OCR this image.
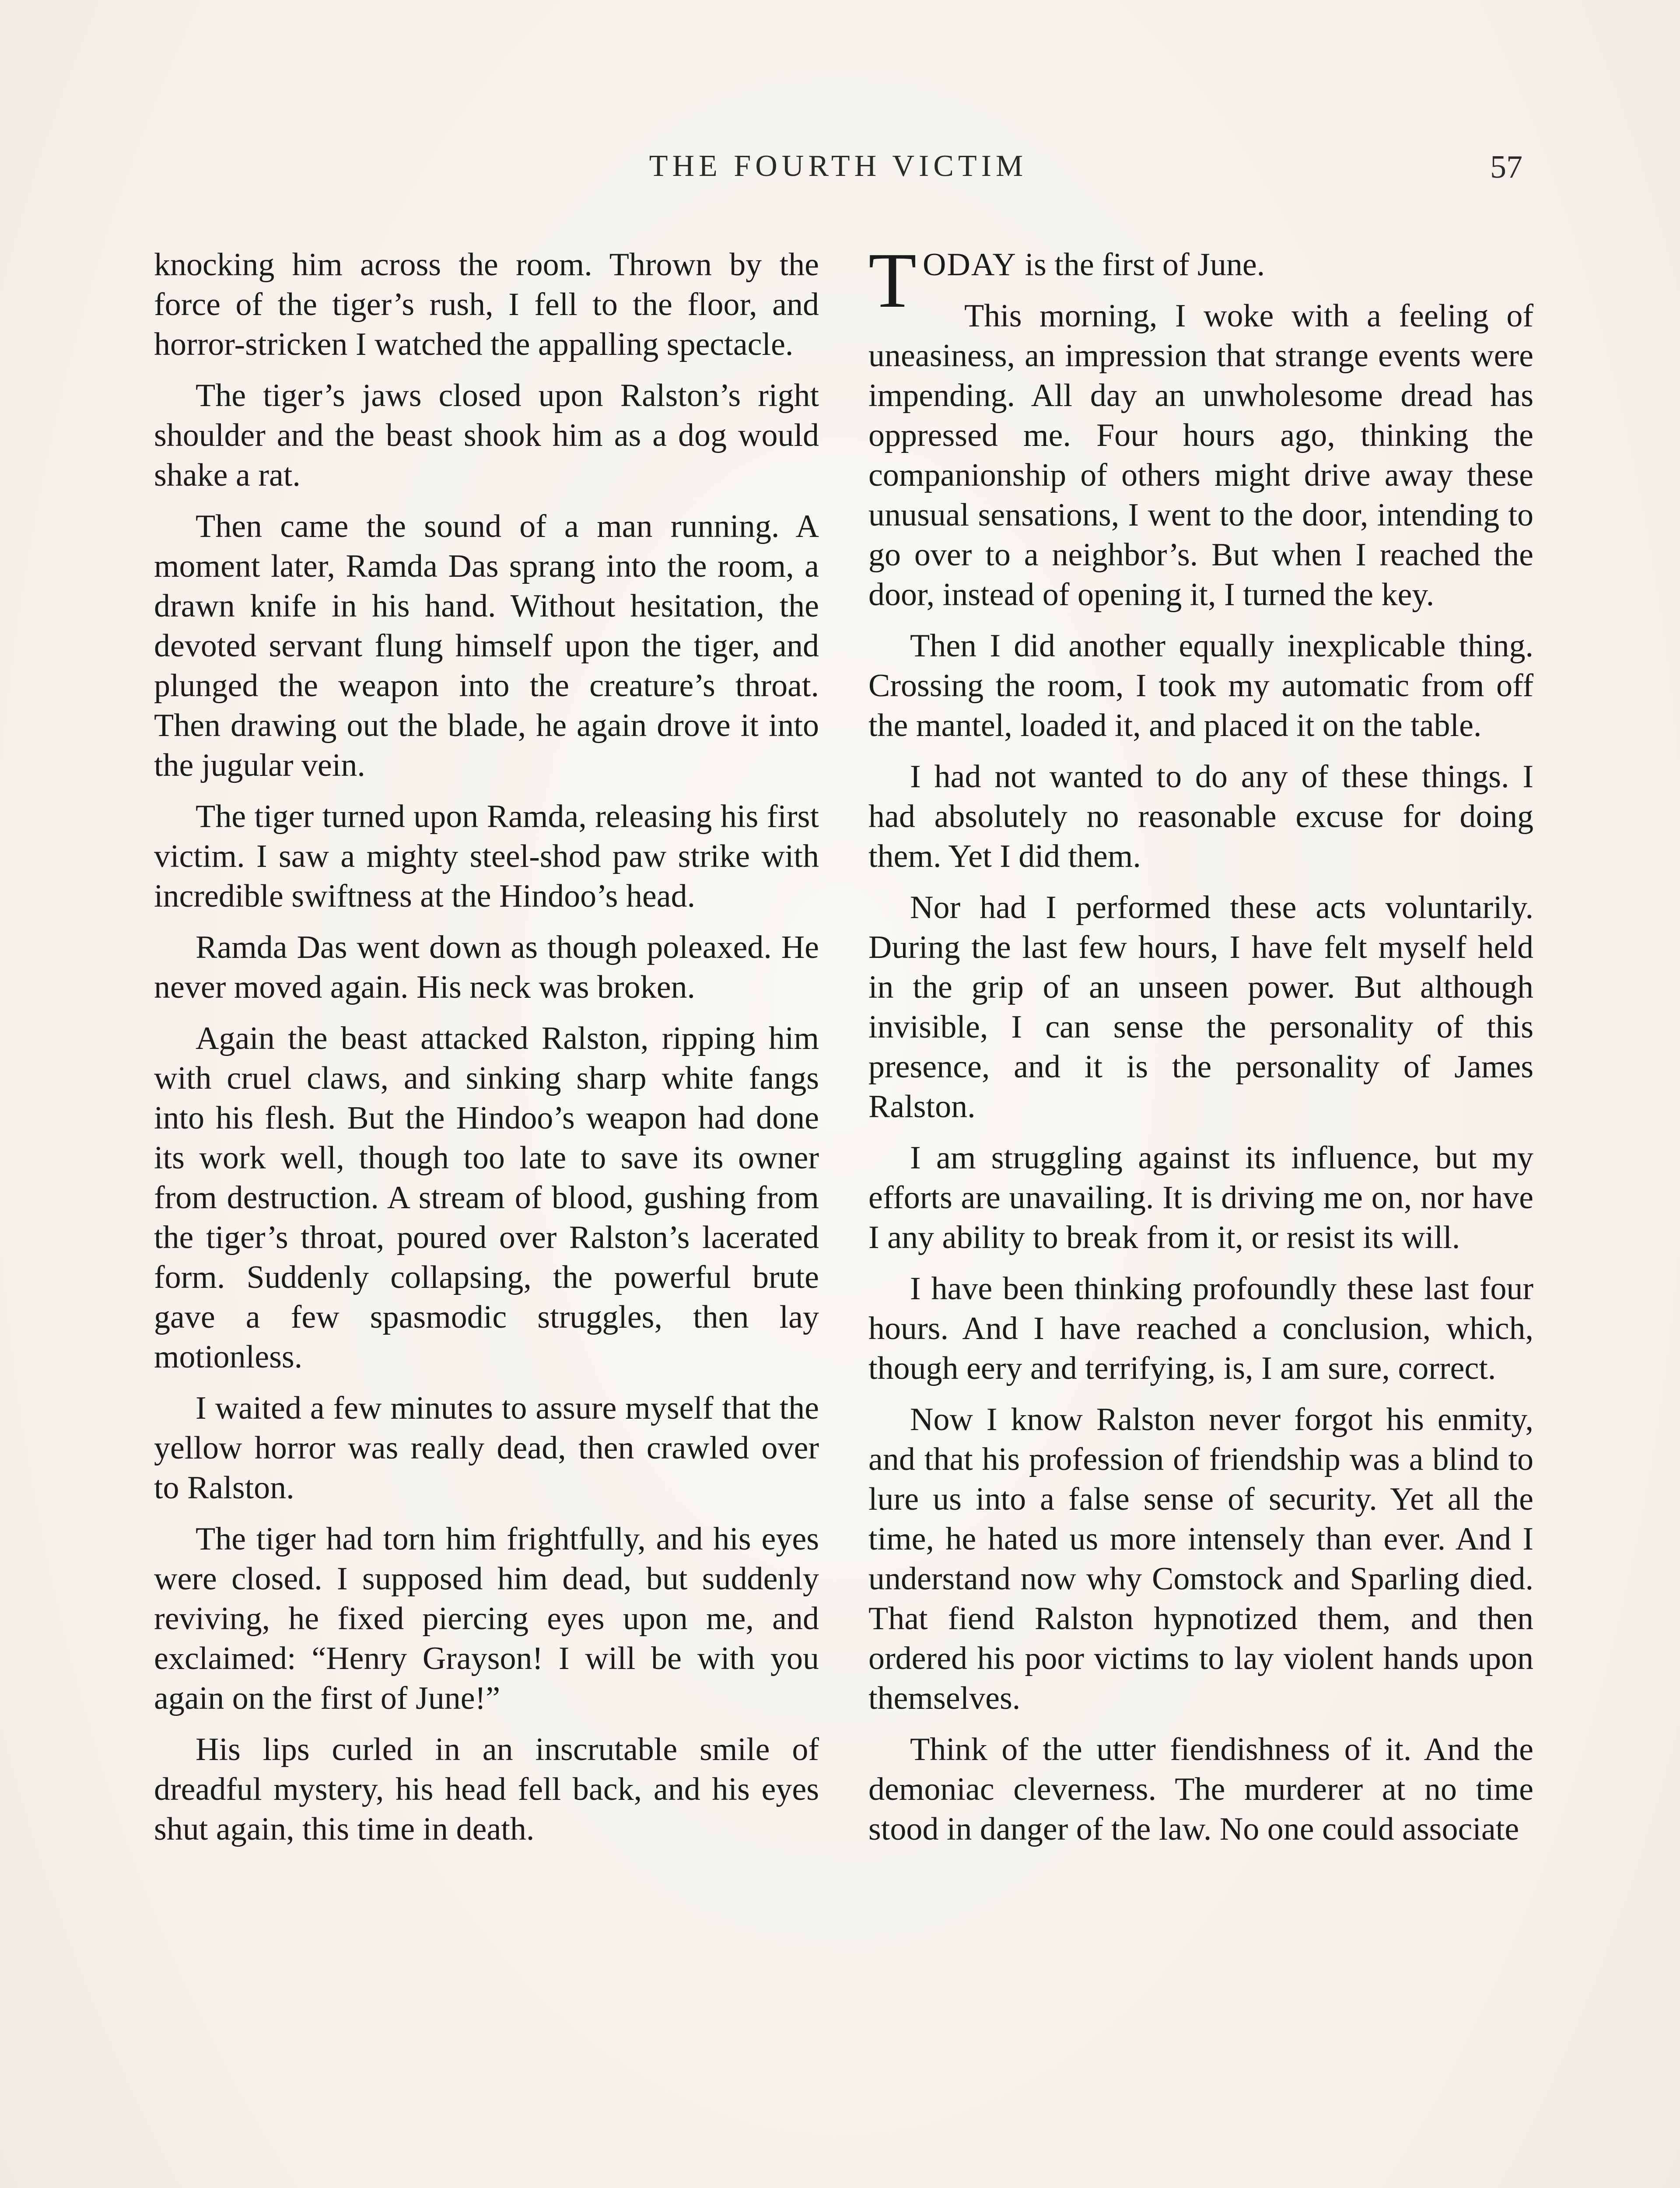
THE FOURTH VICTIM	57

knocking him across the room. Thrown by the force of the tiger’s rush, I fell to the floor, and horror-stricken I watched the appalling spectacle.

The tiger’s jaws closed upon Ralston’s right shoulder and the beast shook him as a dog would shake a rat.

Then came the sound of a man running. A moment later, Ramda Das sprang into the room, a drawn knife in his hand. Without hesitation, the devoted servant flung himself upon the tiger, and plunged the weapon into the creature’s throat. Then drawing out the blade, he again drove it into the jugular vein.

The tiger turned upon Ramda, releasing his first victim. I saw a mighty steel-shod paw strike with incredible swiftness at the Hindoo’s head.

Ramda Das went down as though poleaxed. He never moved again. His neck was broken.

Again the beast attacked Ralston, ripping him with cruel claws, and sinking sharp white fangs into his flesh. But the Hindoo’s weapon had done its work well, though too late to save its owner from destruction. A stream of blood, gushing from the tiger’s throat, poured over Ralston’s lacerated form. Suddenly collapsing, the powerful brute gave a few spasmodic struggles, then lay motionless.

I waited a few minutes to assure myself that the yellow horror was really dead, then crawled over to Ralston.

The tiger had torn him frightfully, and his eyes were closed. I supposed him dead, but suddenly reviving, he fixed piercing eyes upon me, and exclaimed: “Henry Grayson! I will be with you again on the first of June!”

His lips curled in an inscrutable smile of dreadful mystery, his head fell back, and his eyes shut again, this time in death.

TODAY is the first of June.

This morning, I woke with a feeling of uneasiness, an impression that strange events were impending. All day an unwholesome dread has oppressed me. Four hours ago, thinking the companionship of others might drive away these unusual sensations, I went to the door, intending to go over to a neighbor’s. But when I reached the door, instead of opening it, I turned the key.

Then I did another equally inexplicable thing. Crossing the room, I took my automatic from off the mantel, loaded it, and placed it on the table.

I had not wanted to do any of these things. I had absolutely no reasonable excuse for doing them. Yet I did them.

Nor had I performed these acts voluntarily. During the last few hours, I have felt myself held in the grip of an unseen power. But although invisible, I can sense the personality of this presence, and it is the personality of James Ralston.

I am struggling against its influence, but my efforts are unavailing. It is driving me on, nor have I any ability to break from it, or resist its will.

I have been thinking profoundly these last four hours. And I have reached a conclusion, which, though eery and terrifying, is, I am sure, correct.

Now I know Ralston never forgot his enmity, and that his profession of friendship was a blind to lure us into a false sense of security. Yet all the time, he hated us more intensely than ever. And I understand now why Comstock and Sparling died. That fiend Ralston hypnotized them, and then ordered his poor victims to lay violent hands upon themselves.

Think of the utter fiendishness of it. And the demoniac cleverness. The murderer at no time stood in danger of the law. No one could associate
